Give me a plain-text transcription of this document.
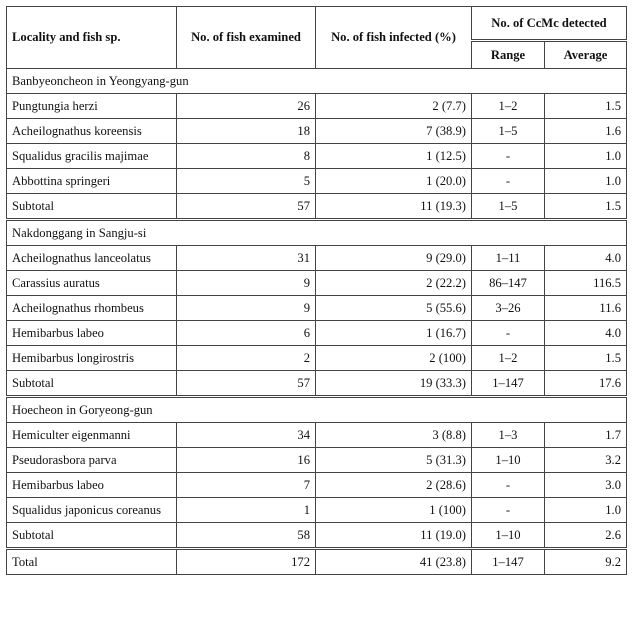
Locality and fish sp.	No. of fish examined	No. of fish infected (%)	No. of CcMc detected	
			Range	Average
Banbyeoncheon in Yeongyang-gun				
Pungtungia herzi	26	2 (7.7)	1–2	1.5
Acheilognathus koreensis	18	7 (38.9)	1–5	1.6
Squalidus gracilis majimae	8	1 (12.5)	-	1.0
Abbottina springeri	5	1 (20.0)	-	1.0
Subtotal	57	11 (19.3)	1–5	1.5
Nakdonggang in Sangju-si				
Acheilognathus lanceolatus	31	9 (29.0)	1–11	4.0
Carassius auratus	9	2 (22.2)	86–147	116.5
Acheilognathus rhombeus	9	5 (55.6)	3–26	11.6
Hemibarbus labeo	6	1 (16.7)	-	4.0
Hemibarbus longirostris	2	2 (100)	1–2	1.5
Subtotal	57	19 (33.3)	1–147	17.6
Hoecheon in Goryeong-gun				
Hemiculter eigenmanni	34	3 (8.8)	1–3	1.7
Pseudorasbora parva	16	5 (31.3)	1–10	3.2
Hemibarbus labeo	7	2 (28.6)	-	3.0
Squalidus japonicus coreanus	1	1 (100)	-	1.0
Subtotal	58	11 (19.0)	1–10	2.6
Total	172	41 (23.8)	1–147	9.2
